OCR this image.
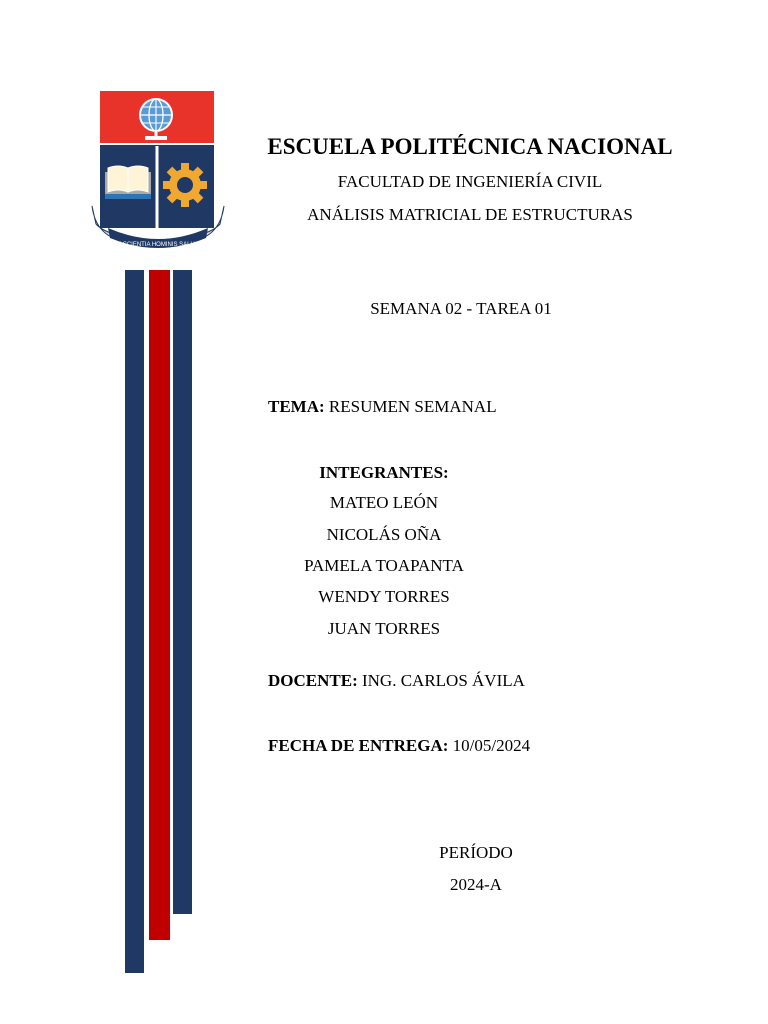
E SCIENTIA HOMINIS SALUS
ESCUELA POLITÉCNICA NACIONAL
FACULTAD DE INGENIERÍA CIVIL
ANÁLISIS MATRICIAL DE ESTRUCTURAS
SEMANA 02 - TAREA 01
TEMA: RESUMEN SEMANAL
INTEGRANTES:
MATEO LEÓN
NICOLÁS OÑA
PAMELA TOAPANTA
WENDY TORRES
JUAN TORRES
DOCENTE: ING. CARLOS ÁVILA
FECHA DE ENTREGA: 10/05/2024
PERÍODO
2024-A
